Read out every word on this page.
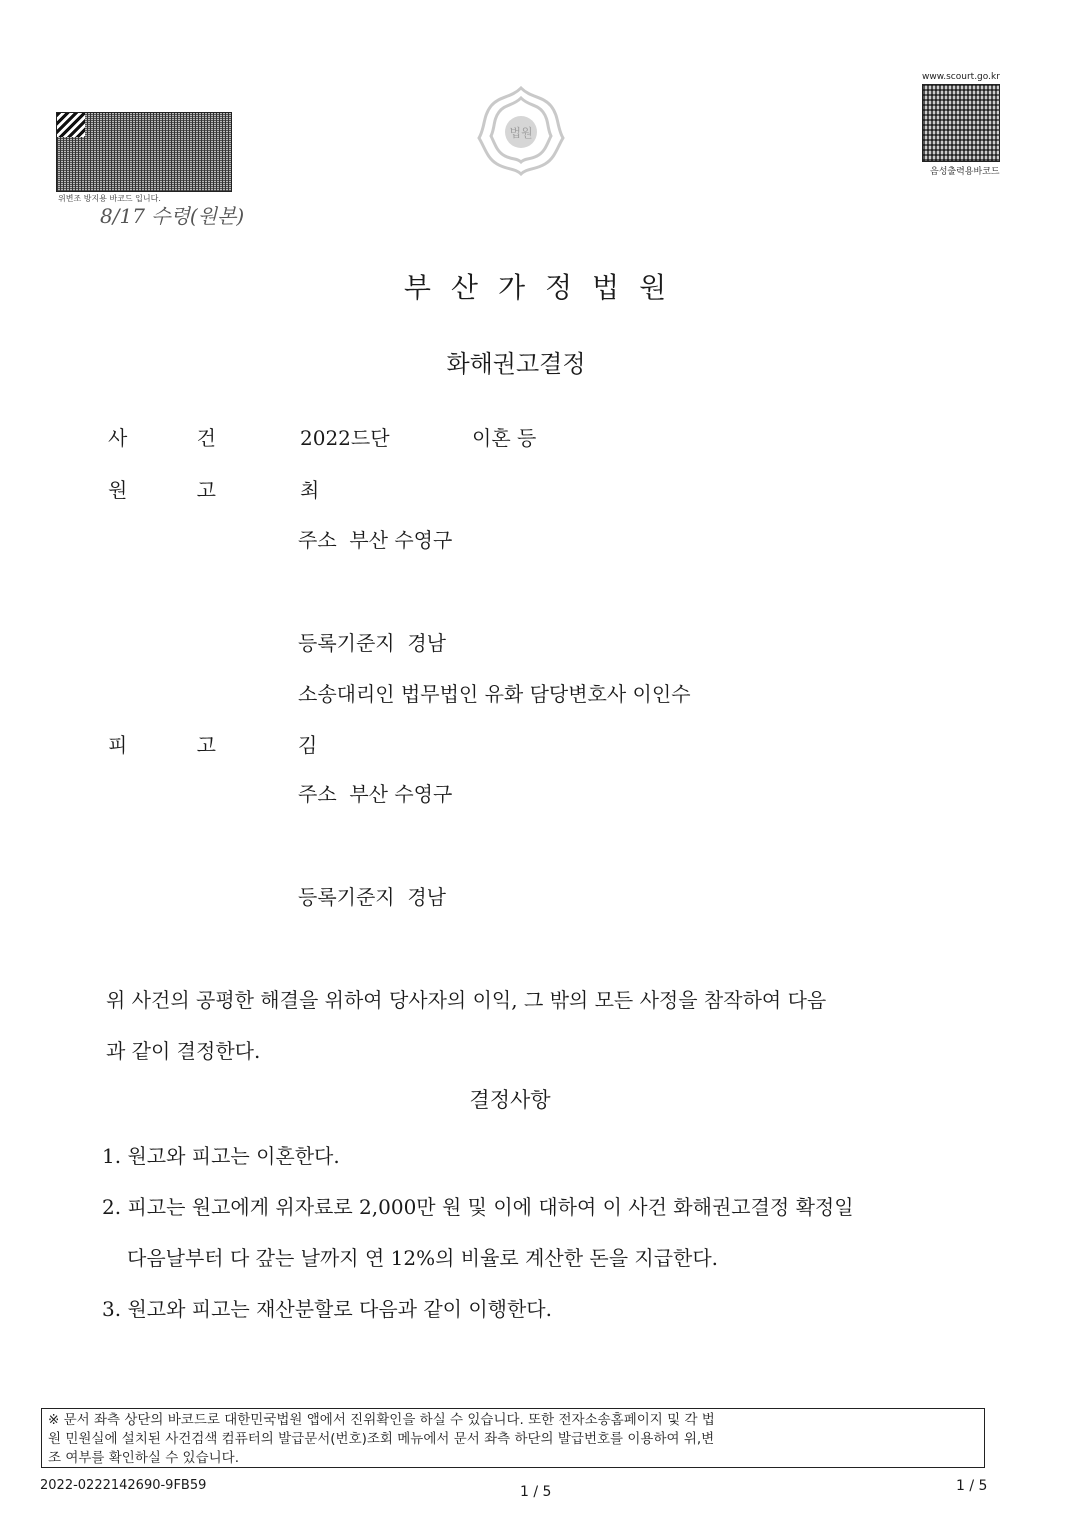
위변조 방지용 바코드 입니다.
8/17 수령(원본)
법원
www.scourt.go.kr
음성출력용바코드
부산가정법원
화해권고결정
사	건	2022드단	이혼 등
원	고	최
주소  부산 수영구
등록기준지  경남
소송대리인 법무법인 유화 담당변호사 이인수
피	고	김
주소  부산 수영구
등록기준지  경남
위 사건의 공평한 해결을 위하여 당사자의 이익, 그 밖의 모든 사정을 참작하여 다음
과 같이 결정한다.
결정사항
1. 원고와 피고는 이혼한다.
2. 피고는 원고에게 위자료로 2,000만 원 및 이에 대하여 이 사건 화해권고결정 확정일
다음날부터 다 갚는 날까지 연 12%의 비율로 계산한 돈을 지급한다.
3. 원고와 피고는 재산분할로 다음과 같이 이행한다.
※ 문서 좌측 상단의 바코드로 대한민국법원 앱에서 진위확인을 하실 수 있습니다. 또한 전자소송홈페이지 및 각 법
원 민원실에 설치된 사건검색 컴퓨터의 발급문서(번호)조회 메뉴에서 문서 좌측 하단의 발급번호를 이용하여 위,변
조 여부를 확인하실 수 있습니다.
2022-0222142690-9FB59	1 / 5	1 / 5
